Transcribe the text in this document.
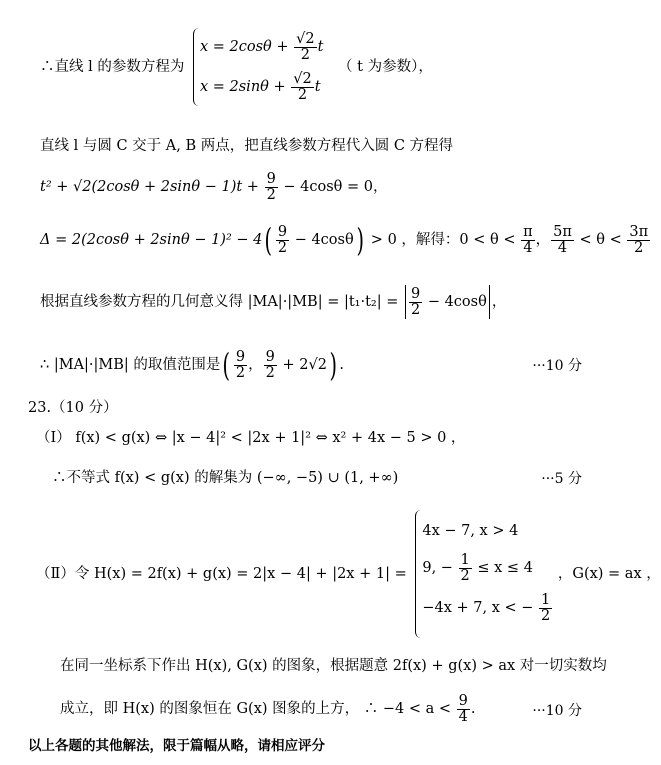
∴直线 l 的参数方程为
$x = 2\cos\theta + \frac{√2}{2}$ t
$x = 2\sin\theta + \frac{√2}{2}$ t
（ t 为参数），
直线 l 与圆 C 交于 A, B 两点，把直线参数方程代入圆 C 方程得
$t^2 + √2(2\cos\theta + 2\sin\theta - 1)t + \frac{9}{2} - 4\cos\theta = 0$，
$\Delta = 2(2\cos\theta + 2\sin\theta - 1)^2 - 4( \frac{9}{2} - 4\cos\theta) > 0$ ，解得：$0 < \theta < \frac{\pi}{4}$ ， $\frac{5\pi}{4} < \theta < \frac{3\pi}{2}$
根据直线参数方程的几何意义得 $|MA|\cdot|MB| = |t_1\cdot t_2| = \frac{9}{2} - 4\cos\theta$ ，
∴ |MA|·|MB| 的取值范围是( $\frac{9}{2}$ ， $\frac{9}{2} + 2√2$) .	···10 分
23.（10 分）
（Ⅰ） f(x) < g(x) ⇔ |x − 4|² < |2x + 1|² ⇔ x² + 4x − 5 > 0 ，
∴不等式 f(x) < g(x) 的解集为 (−∞, −5) ∪ (1, +∞)	···5 分
（Ⅱ）令 H(x) = 2f(x) + g(x) = 2|x − 4| + |2x + 1| =
4x − 7, x > 4
9, − $\frac{1}{2} \le x \le 4$
−4x + 7, x < − $\frac{1}{2}$
，G(x) = ax ，
在同一坐标系下作出 H(x), G(x) 的图象，根据题意 2f(x) + g(x) > ax 对一切实数均
成立，即 H(x) 的图象恒在 G(x) 图象的上方， ∴ $-4 < a < \frac{9}{4}$ .	···10 分
以上各题的其他解法，限于篇幅从略，请相应评分
